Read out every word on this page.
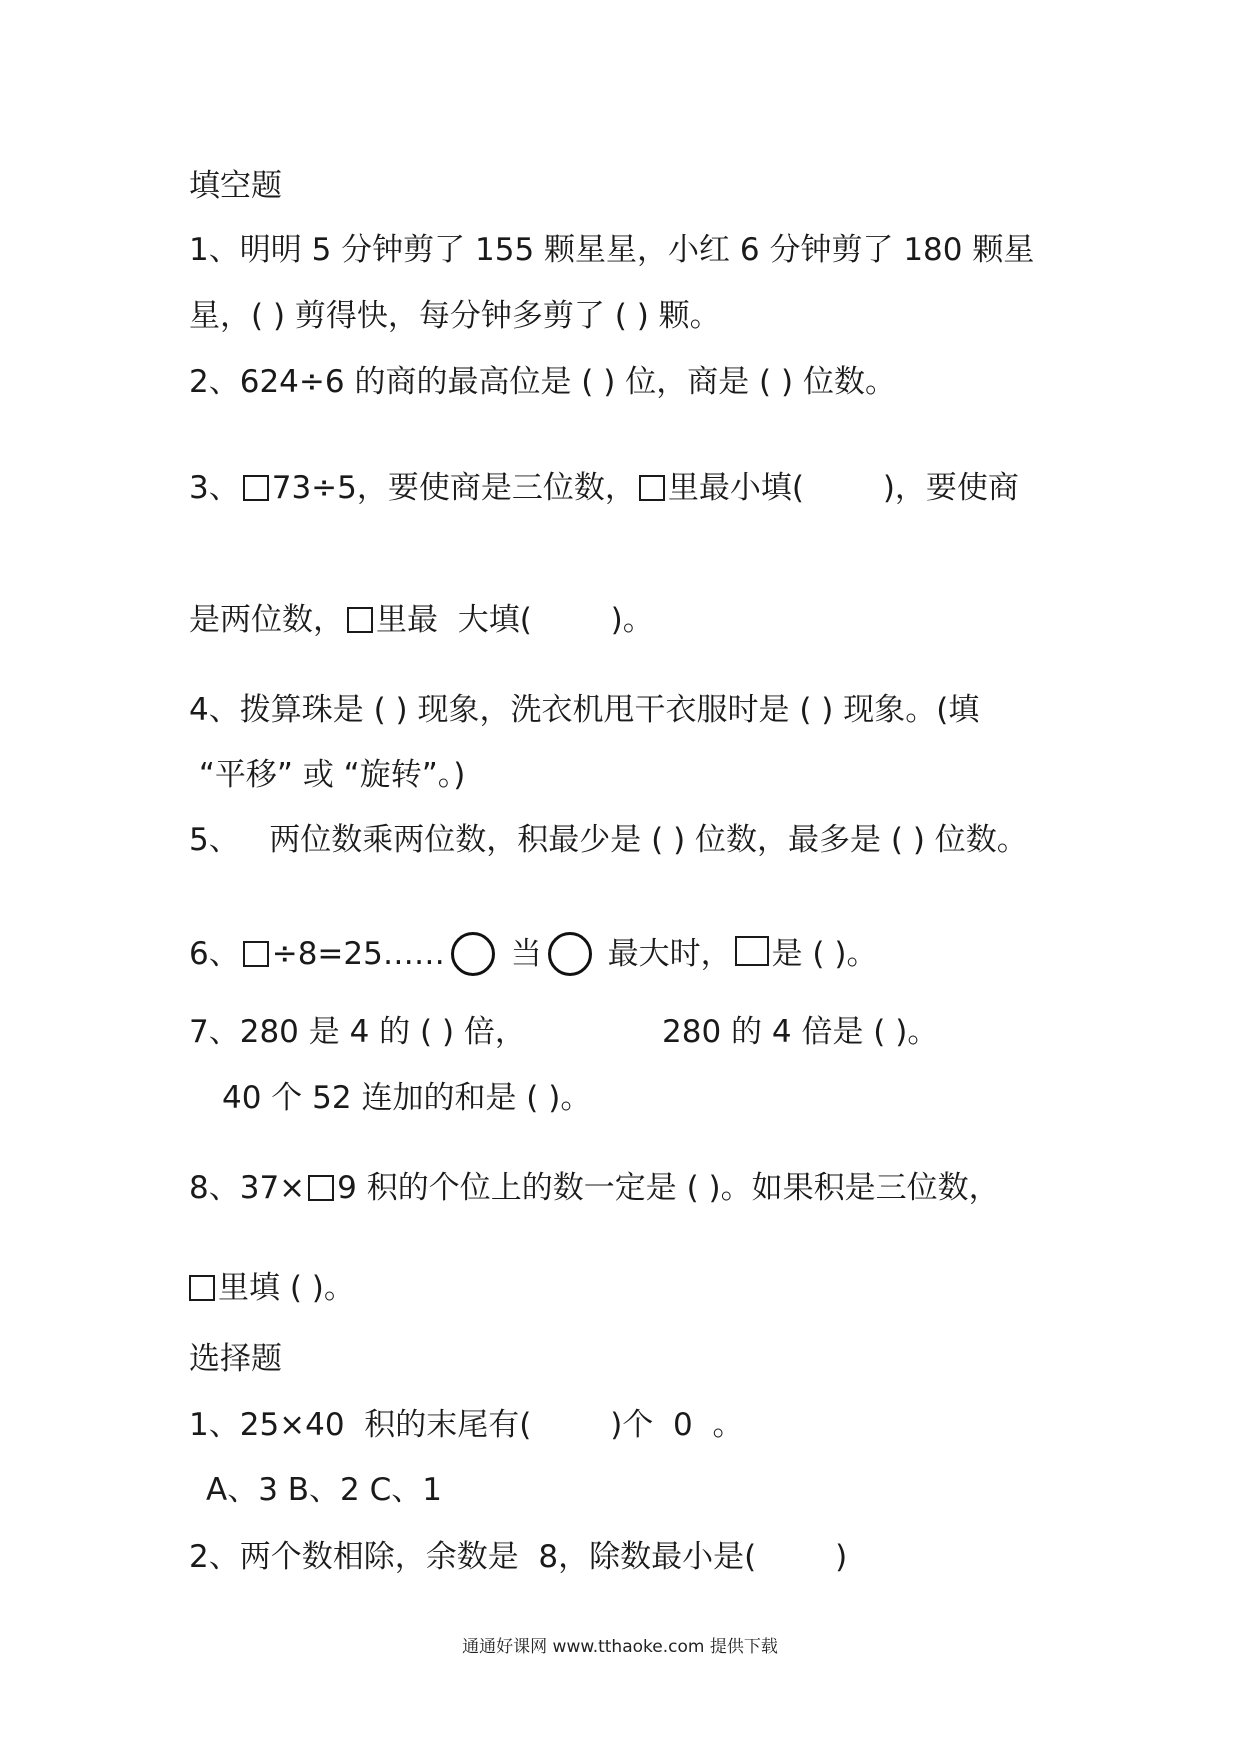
填空题
1、明明 5 分钟剪了 155 颗星星，小红 6 分钟剪了 180 颗星
星，( ) 剪得快，每分钟多剪了 ( ) 颗。
2、624÷6 的商的最高位是 ( ) 位，商是 ( ) 位数。
3、 73÷5，要使商是三位数， 里最小填(        )，要使商
是两位数， 里最  大填(        )。
4、拨算珠是 ( ) 现象，洗衣机甩干衣服时是 ( ) 现象。(填
“平移” 或 “旋转”。)
5、   两位数乘两位数，积最少是 ( ) 位数，最多是 ( ) 位数。
6、 ÷8=25…… 当 最大时， 是 ( )。
7、280 是 4 的 ( ) 倍，	280 的 4 倍是 ( )。
40 个 52 连加的和是 ( )。
8、37× 9 积的个位上的数一定是 ( )。如果积是三位数，
里填 ( )。
选择题
1、25×40  积的末尾有(        )个  0  。
A、3 B、2 C、1
2、两个数相除，余数是  8，除数最小是(        )
通通好课网 www.tthaoke.com 提供下载
